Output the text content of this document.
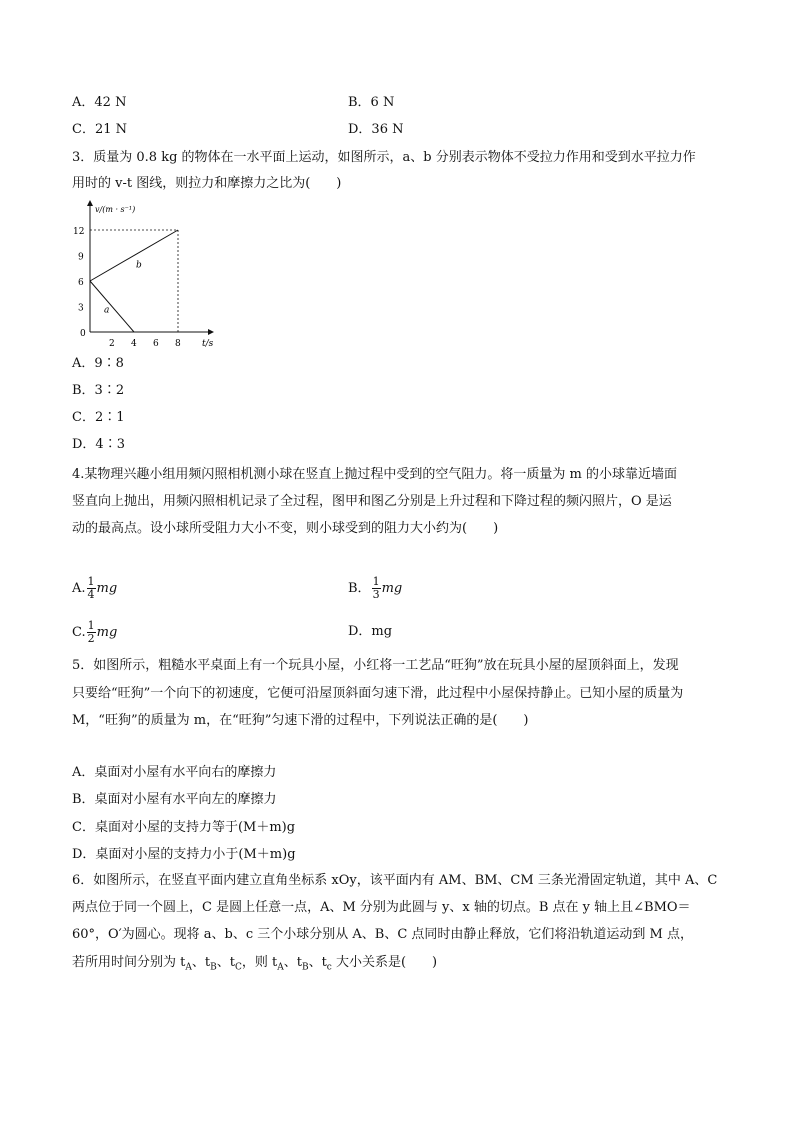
A．42 N	B．6 N
C．21 N	D．36 N
3．质量为 0.8 kg 的物体在一水平面上运动，如图所示，a、b 分别表示物体不受拉力作用和受到水平拉力作
用时的 v-t 图线，则拉力和摩擦力之比为(　　)
v/(m · s⁻¹)
t/s
0
2 4 6 8
3
6
9
12
a
b
A．9∶8
B．3∶2
C．2∶1
D．4∶3
4.某物理兴趣小组用频闪照相机测小球在竖直上抛过程中受到的空气阻力。将一质量为 m 的小球靠近墙面
竖直向上抛出，用频闪照相机记录了全过程，图甲和图乙分别是上升过程和下降过程的频闪照片，O 是运
动的最高点。设小球所受阻力大小不变，则小球受到的阻力大小约为(　　)
A. $\frac{1}{4}$ mg	B． $\frac{1}{3}$ mg
C. $\frac{1}{2}$ mg	D．mg
5．如图所示，粗糙水平桌面上有一个玩具小屋，小红将一工艺品“旺狗”放在玩具小屋的屋顶斜面上，发现
只要给“旺狗”一个向下的初速度，它便可沿屋顶斜面匀速下滑，此过程中小屋保持静止。已知小屋的质量为
M，“旺狗”的质量为 m，在“旺狗”匀速下滑的过程中，下列说法正确的是(　　)
A．桌面对小屋有水平向右的摩擦力
B．桌面对小屋有水平向左的摩擦力
C．桌面对小屋的支持力等于(M＋m)g
D．桌面对小屋的支持力小于(M＋m)g
6．如图所示，在竖直平面内建立直角坐标系 xOy，该平面内有 AM、BM、CM 三条光滑固定轨道，其中 A、C
两点位于同一个圆上，C 是圆上任意一点，A、M 分别为此圆与 y、x 轴的切点。B 点在 y 轴上且∠BMO＝
60°，O′为圆心。现将 a、b、c 三个小球分别从 A、B、C 点同时由静止释放，它们将沿轨道运动到 M 点，
若所用时间分别为 $t_A$、$t_B$、$t_C$，则 $t_A$、$t_B$、$t_c$ 大小关系是(　　)
